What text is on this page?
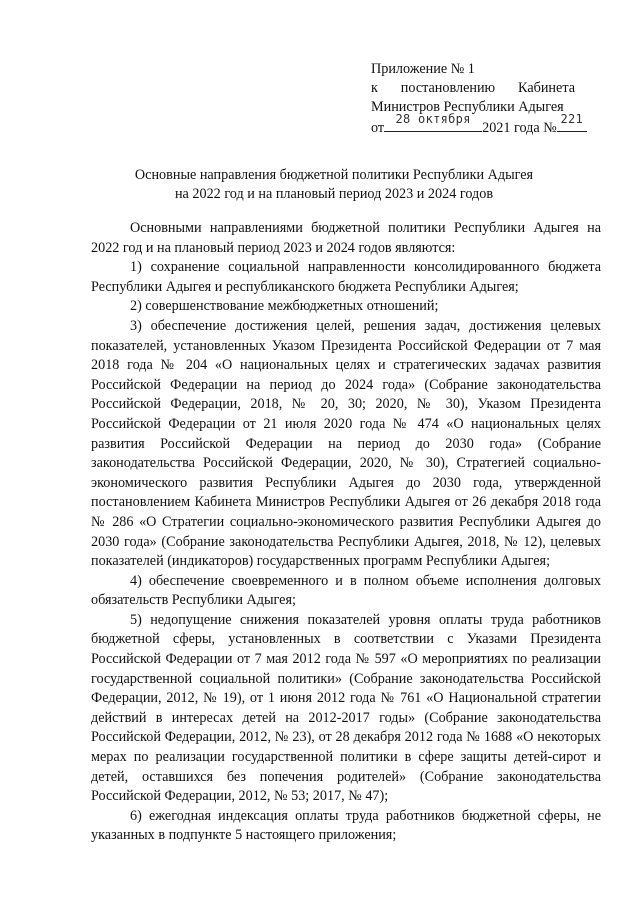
Приложение № 1
к постановлению Кабинета
Министров Республики Адыгея
от
28 октября
2021 года №
221
Основные направления бюджетной политики Республики Адыгея
на 2022 год и на плановый период 2023 и 2024 годов

Основными направлениями бюджетной политики Республики Адыгея на 2022 год и на плановый период 2023 и 2024 годов являются:

1) сохранение социальной направленности консолидированного бюджета Республики Адыгея и республиканского бюджета Республики Адыгея;

2) совершенствование межбюджетных отношений;

3) обеспечение достижения целей, решения задач, достижения целевых показателей, установленных Указом Президента Российской Федерации от 7 мая 2018 года № 204 «О национальных целях и стратегических задачах развития Российской Федерации на период до 2024 года» (Собрание законодательства Российской Федерации, 2018, № 20, 30; 2020, № 30), Указом Президента Российской Федерации от 21 июля 2020 года № 474 «О национальных целях развития Российской Федерации на период до 2030 года» (Собрание законодательства Российской Федерации, 2020, № 30), Стратегией социально-экономического развития Республики Адыгея до 2030 года, утвержденной постановлением Кабинета Министров Республики Адыгея от 26 декабря 2018 года № 286 «О Стратегии социально-экономического развития Республики Адыгея до 2030 года» (Собрание законодательства Республики Адыгея, 2018, № 12), целевых показателей (индикаторов) государственных программ Республики Адыгея;

4) обеспечение своевременного и в полном объеме исполнения долговых обязательств Республики Адыгея;

5) недопущение снижения показателей уровня оплаты труда работников бюджетной сферы, установленных в соответствии с Указами Президента Российской Федерации от 7 мая 2012 года № 597 «О мероприятиях по реализации государственной социальной политики» (Собрание законодательства Российской Федерации, 2012, № 19), от 1 июня 2012 года № 761 «О Национальной стратегии действий в интересах детей на 2012-2017 годы» (Собрание законодательства Российской Федерации, 2012, № 23), от 28 декабря 2012 года № 1688 «О некоторых мерах по реализации государственной политики в сфере защиты детей-сирот и детей, оставшихся без попечения родителей» (Собрание законодательства Российской Федерации, 2012, № 53; 2017, № 47);

6) ежегодная индексация оплаты труда работников бюджетной сферы, не указанных в подпункте 5 настоящего приложения;
